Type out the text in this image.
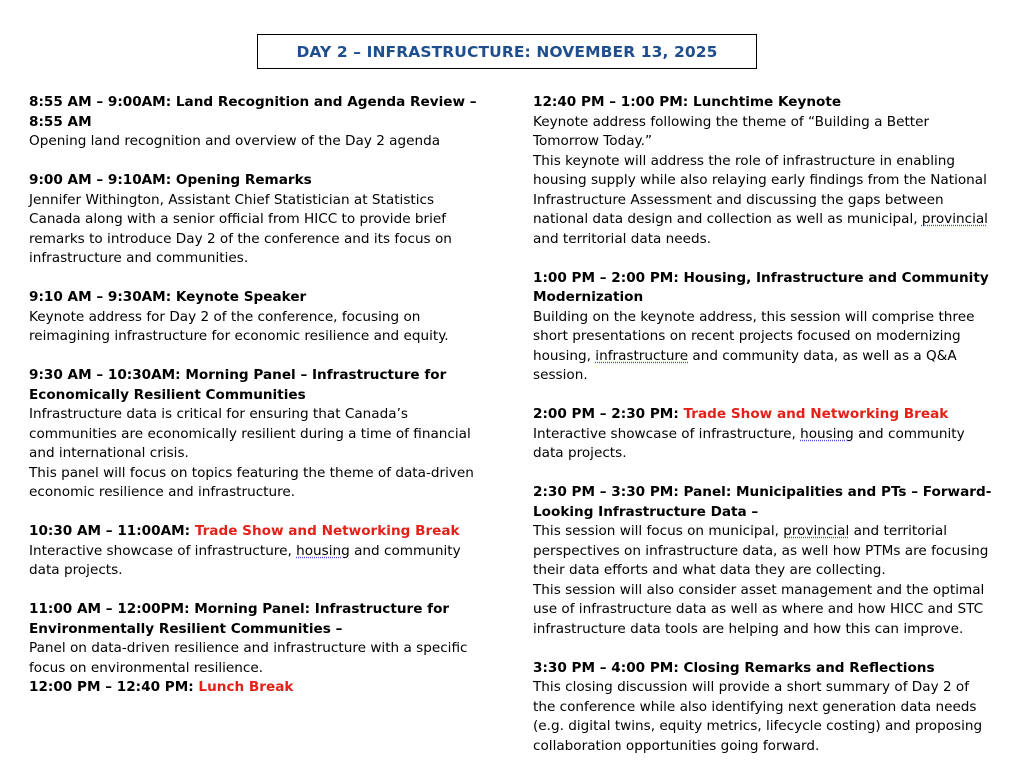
DAY 2 – INFRASTRUCTURE: NOVEMBER 13, 2025

8:55 AM – 9:00AM: Land Recognition and Agenda Review – 8:55 AM

Opening land recognition and overview of the Day 2 agenda

9:00 AM – 9:10AM: Opening Remarks

Jennifer Withington, Assistant Chief Statistician at Statistics Canada along with a senior official from HICC to provide brief remarks to introduce Day 2 of the conference and its focus on infrastructure and communities.

9:10 AM – 9:30AM: Keynote Speaker

Keynote address for Day 2 of the conference, focusing on reimagining infrastructure for economic resilience and equity.

9:30 AM – 10:30AM: Morning Panel – Infrastructure for Economically Resilient Communities

Infrastructure data is critical for ensuring that Canada’s communities are economically resilient during a time of financial and international crisis.

This panel will focus on topics featuring the theme of data-driven economic resilience and infrastructure.

10:30 AM – 11:00AM: Trade Show and Networking Break

Interactive showcase of infrastructure, housing and community data projects.

11:00 AM – 12:00PM: Morning Panel: Infrastructure for Environmentally Resilient Communities –

Panel on data-driven resilience and infrastructure with a specific focus on environmental resilience.

12:00 PM – 12:40 PM: Lunch Break

12:40 PM – 1:00 PM: Lunchtime Keynote

Keynote address following the theme of “Building a Better Tomorrow Today.”

This keynote will address the role of infrastructure in enabling housing supply while also relaying early findings from the National Infrastructure Assessment and discussing the gaps between national data design and collection as well as municipal, provincial and territorial data needs.

1:00 PM – 2:00 PM: Housing, Infrastructure and Community Modernization

Building on the keynote address, this session will comprise three short presentations on recent projects focused on modernizing housing, infrastructure and community data, as well as a Q&A session.

2:00 PM – 2:30 PM: Trade Show and Networking Break

Interactive showcase of infrastructure, housing and community data projects.

2:30 PM – 3:30 PM: Panel: Municipalities and PTs – Forward-Looking Infrastructure Data –

This session will focus on municipal, provincial and territorial perspectives on infrastructure data, as well how PTMs are focusing their data efforts and what data they are collecting.

This session will also consider asset management and the optimal use of infrastructure data as well as where and how HICC and STC infrastructure data tools are helping and how this can improve.

3:30 PM – 4:00 PM: Closing Remarks and Reflections

This closing discussion will provide a short summary of Day 2 of the conference while also identifying next generation data needs (e.g. digital twins, equity metrics, lifecycle costing) and proposing collaboration opportunities going forward.
